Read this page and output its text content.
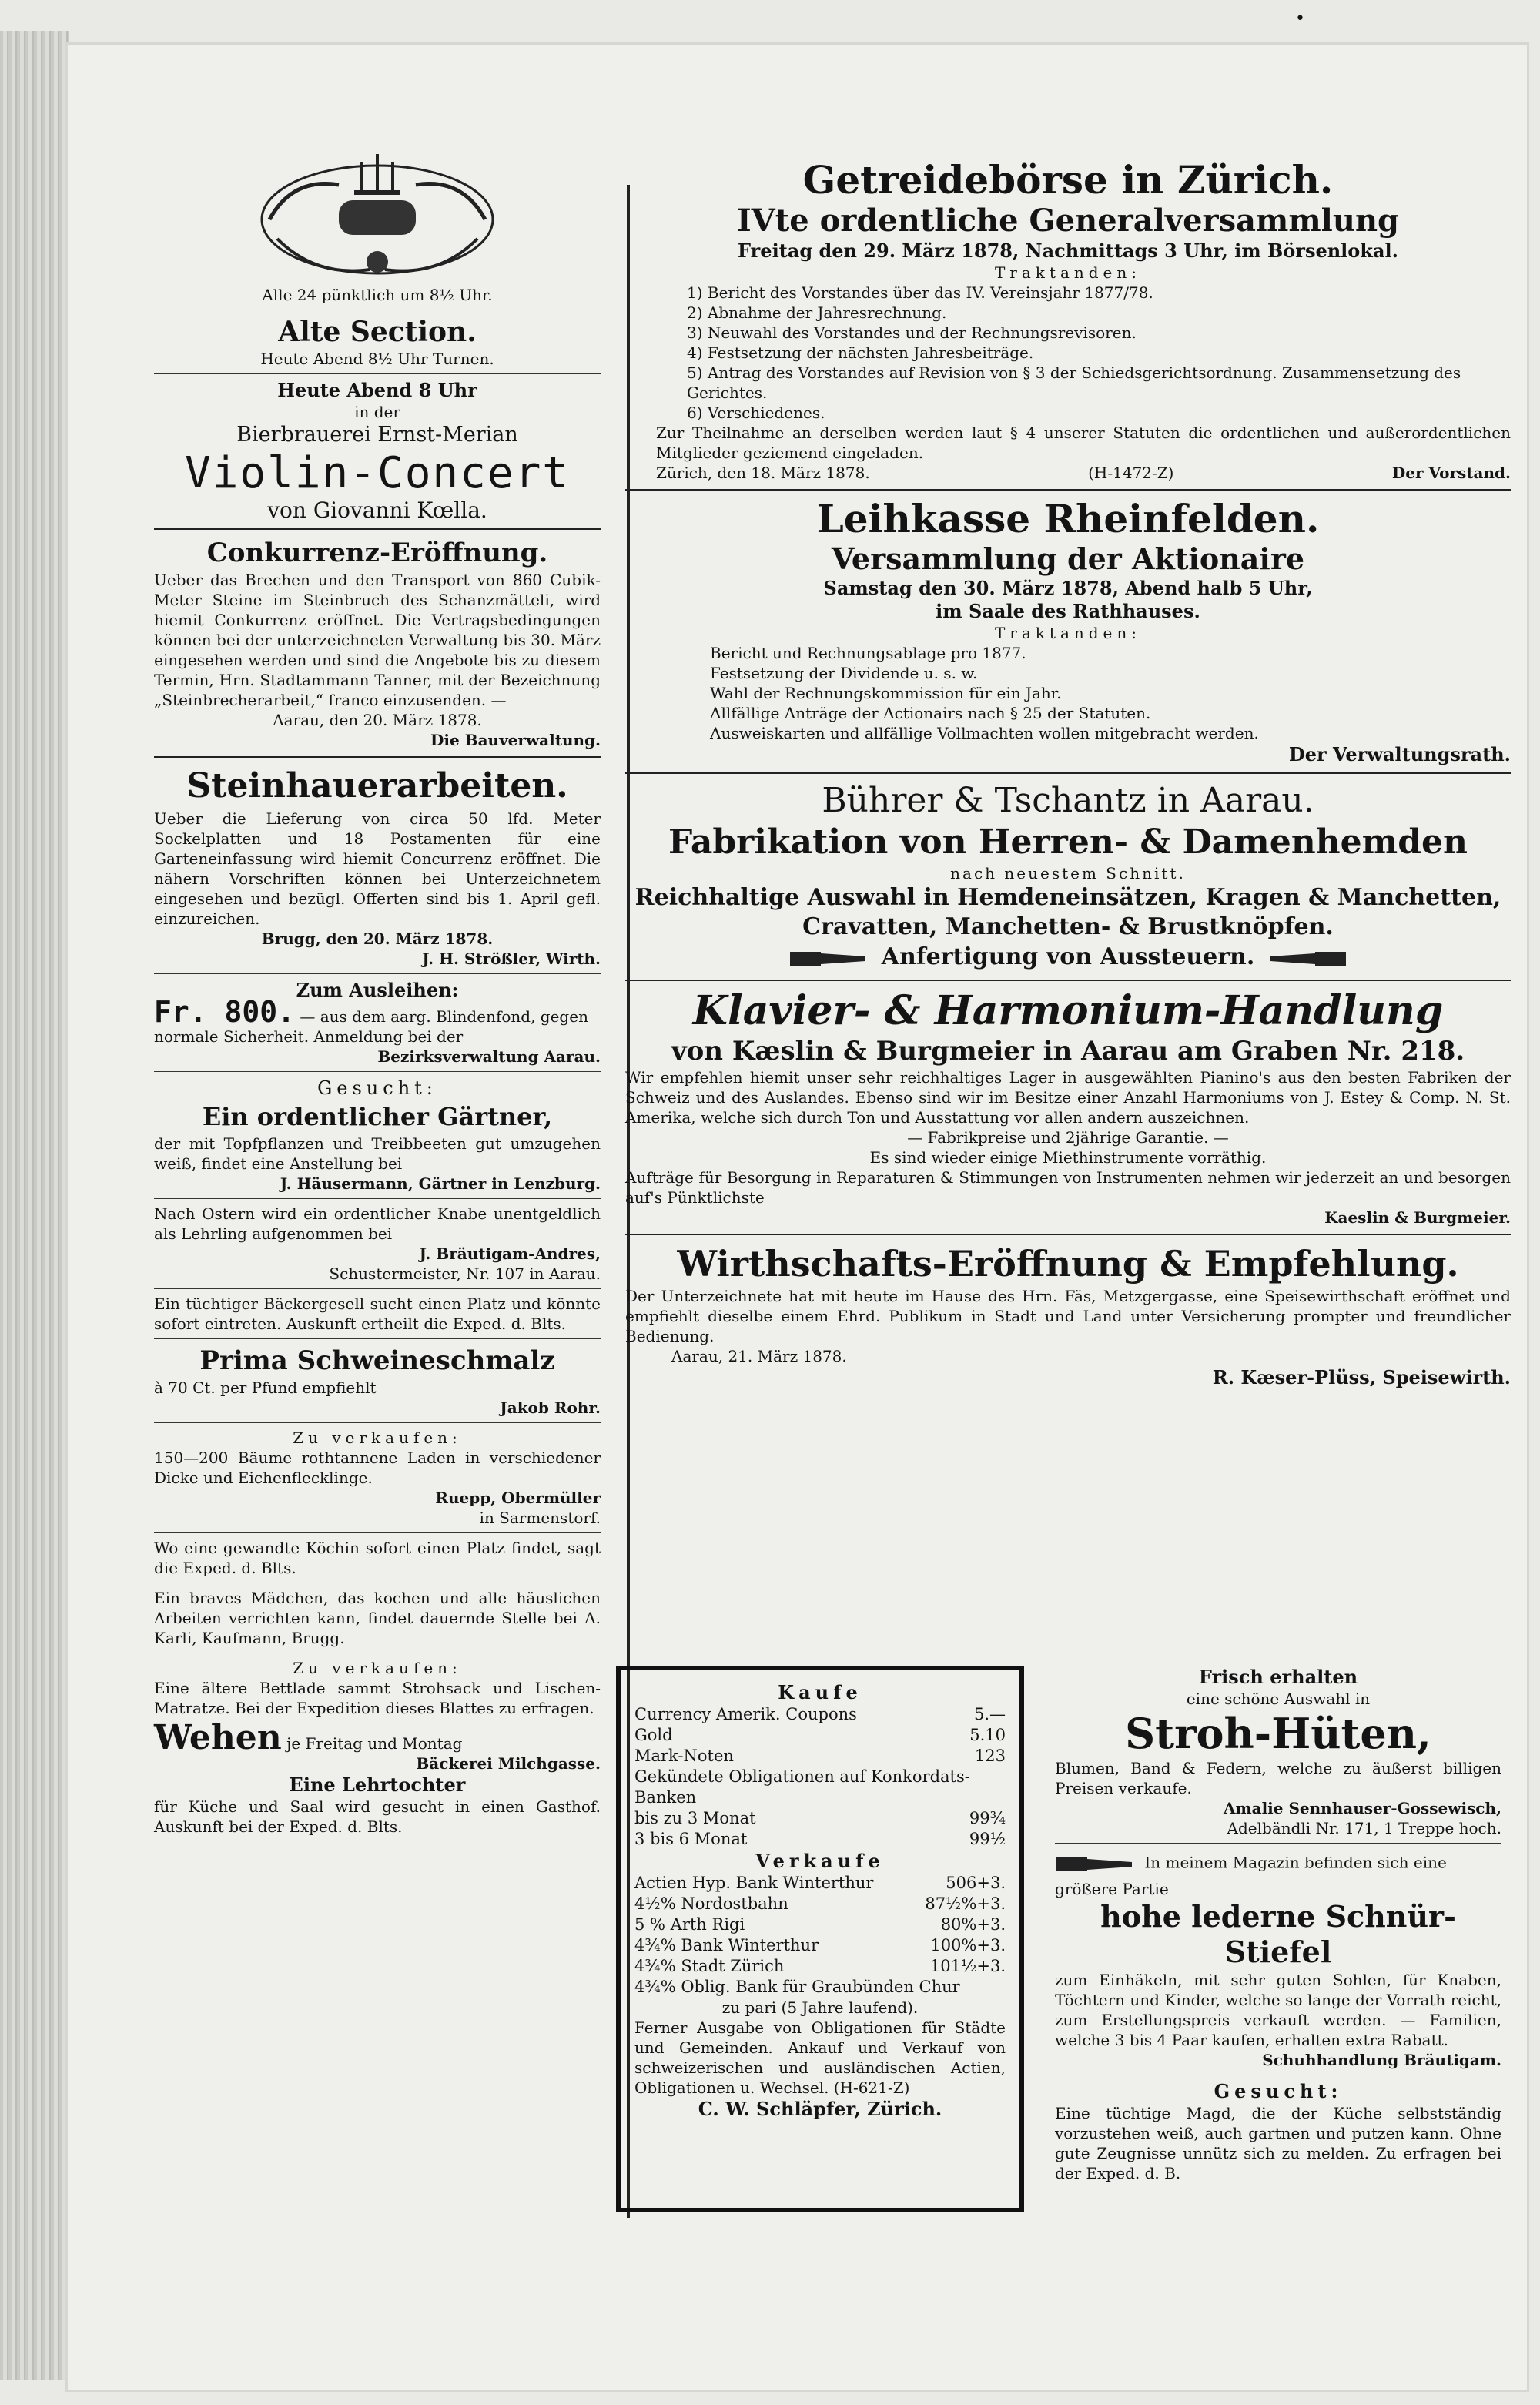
•

Alle 24 pünktlich um 8½ Uhr.

Alte Section.

Heute Abend 8½ Uhr Turnen.

Heute Abend 8 Uhr

in der

Bierbrauerei Ernst-Merian

Violin-Concert

von Giovanni Kœlla.

Conkurrenz-Eröffnung.

Ueber das Brechen und den Transport von 860 Cubik-Meter Steine im Steinbruch des Schanzmätteli, wird hiemit Conkurrenz eröffnet. Die Vertragsbedingungen können bei der unterzeichneten Verwaltung bis 30. März eingesehen werden und sind die Angebote bis zu diesem Termin, Hrn. Stadtammann Tanner, mit der Bezeichnung „Steinbrecherarbeit,“ franco einzusenden. —

Aarau, den 20. März 1878.

Die Bauverwaltung.

Steinhauerarbeiten.

Ueber die Lieferung von circa 50 lfd. Meter Sockelplatten und 18 Postamenten für eine Garteneinfassung wird hiemit Concurrenz eröffnet. Die nähern Vorschriften können bei Unterzeichnetem eingesehen und bezügl. Offerten sind bis 1. April gefl. einzureichen.

Brugg, den 20. März 1878.

J. H. Strößler, Wirth.

Zum Ausleihen:

Fr. 800. — aus dem aarg. Blindenfond, gegen normale Sicherheit. Anmeldung bei der

Bezirksverwaltung Aarau.

Gesucht:

Ein ordentlicher Gärtner,

der mit Topfpflanzen und Treibbeeten gut umzugehen weiß, findet eine Anstellung bei

J. Häusermann, Gärtner in Lenzburg.

Nach Ostern wird ein ordentlicher Knabe unentgeldlich als Lehrling aufgenommen bei

J. Bräutigam-Andres,

Schustermeister, Nr. 107 in Aarau.

Ein tüchtiger Bäckergesell sucht einen Platz und könnte sofort eintreten. Auskunft ertheilt die Exped. d. Blts.

Prima Schweineschmalz

à 70 Ct. per Pfund empfiehlt

Jakob Rohr.

Zu verkaufen:

150—200 Bäume rothtannene Laden in verschiedener Dicke und Eichenflecklinge.

Ruepp, Obermüller

in Sarmenstorf.

Wo eine gewandte Köchin sofort einen Platz findet, sagt die Exped. d. Blts.

Ein braves Mädchen, das kochen und alle häuslichen Arbeiten verrichten kann, findet dauernde Stelle bei A. Karli, Kaufmann, Brugg.

Zu verkaufen:

Eine ältere Bettlade sammt Strohsack und Lischen-Matratze. Bei der Expedition dieses Blattes zu erfragen.

Wehen je Freitag und Montag

Bäckerei Milchgasse.

Eine Lehrtochter

für Küche und Saal wird gesucht in einen Gasthof. Auskunft bei der Exped. d. Blts.

Getreidebörse in Zürich.

IVte ordentliche Generalversammlung

Freitag den 29. März 1878, Nachmittags 3 Uhr, im Börsenlokal.

Traktanden:

1) Bericht des Vorstandes über das IV. Vereinsjahr 1877/78.

2) Abnahme der Jahresrechnung.

3) Neuwahl des Vorstandes und der Rechnungsrevisoren.

4) Festsetzung der nächsten Jahresbeiträge.

5) Antrag des Vorstandes auf Revision von § 3 der Schiedsgerichtsordnung. Zusammensetzung des Gerichtes.

6) Verschiedenes.

Zur Theilnahme an derselben werden laut § 4 unserer Statuten die ordentlichen und außerordentlichen Mitglieder geziemend eingeladen.

Zürich, den 18. März 1878.	(H-1472-Z)	Der Vorstand.

Leihkasse Rheinfelden.

Versammlung der Aktionaire

Samstag den 30. März 1878, Abend halb 5 Uhr,

im Saale des Rathhauses.

Traktanden:

Bericht und Rechnungsablage pro 1877.

Festsetzung der Dividende u. s. w.

Wahl der Rechnungskommission für ein Jahr.

Allfällige Anträge der Actionairs nach § 25 der Statuten.

Ausweiskarten und allfällige Vollmachten wollen mitgebracht werden.

Der Verwaltungsrath.

Bührer & Tschantz in Aarau.

Fabrikation von Herren- & Damenhemden

nach neuestem Schnitt.

Reichhaltige Auswahl in Hemdeneinsätzen, Kragen & Manchetten,

Cravatten, Manchetten- & Brustknöpfen.

Anfertigung von Aussteuern.

Klavier- & Harmonium-Handlung

von Kæslin & Burgmeier in Aarau am Graben Nr. 218.

Wir empfehlen hiemit unser sehr reichhaltiges Lager in ausgewählten Pianino's aus den besten Fabriken der Schweiz und des Auslandes. Ebenso sind wir im Besitze einer Anzahl Harmoniums von J. Estey & Comp. N. St. Amerika, welche sich durch Ton und Ausstattung vor allen andern auszeichnen.

— Fabrikpreise und 2jährige Garantie. —

Es sind wieder einige Miethinstrumente vorräthig.

Aufträge für Besorgung in Reparaturen & Stimmungen von Instrumenten nehmen wir jederzeit an und besorgen auf's Pünktlichste

Kaeslin & Burgmeier.

Wirthschafts-Eröffnung & Empfehlung.

Der Unterzeichnete hat mit heute im Hause des Hrn. Fäs, Metzgergasse, eine Speisewirthschaft eröffnet und empfiehlt dieselbe einem Ehrd. Publikum in Stadt und Land unter Versicherung prompter und freundlicher Bedienung.

Aarau, 21. März 1878.

R. Kæser-Plüss, Speisewirth.

Kaufe

Currency Amerik. Coupons	5.—
Gold	5.10
Mark-Noten	123
Gekündete Obligationen auf Konkordats-Banken
bis zu 3 Monat	99¾
3 bis 6 Monat	99½

Verkaufe

Actien Hyp. Bank Winterthur	506+3.
4½% Nordostbahn	87½%+3.
5 % Arth Rigi	80%+3.
4¾% Bank Winterthur	100%+3.
4¾% Stadt Zürich	101½+3.
4¾% Oblig. Bank für Graubünden Chur

zu pari (5 Jahre laufend).

Ferner Ausgabe von Obligationen für Städte und Gemeinden. Ankauf und Verkauf von schweizerischen und ausländischen Actien, Obligationen u. Wechsel. (H-621-Z)

C. W. Schläpfer, Zürich.

Frisch erhalten

eine schöne Auswahl in

Stroh-Hüten,

Blumen, Band & Federn, welche zu äußerst billigen Preisen verkaufe.

Amalie Sennhauser-Gossewisch,

Adelbändli Nr. 171, 1 Treppe hoch.

In meinem Magazin befinden sich eine größere Partie

hohe lederne Schnür-Stiefel

zum Einhäkeln, mit sehr guten Sohlen, für Knaben, Töchtern und Kinder, welche so lange der Vorrath reicht, zum Erstellungspreis verkauft werden. — Familien, welche 3 bis 4 Paar kaufen, erhalten extra Rabatt.

Schuhhandlung Bräutigam.

Gesucht:

Eine tüchtige Magd, die der Küche selbstständig vorzustehen weiß, auch gartnen und putzen kann. Ohne gute Zeugnisse unnütz sich zu melden. Zu erfragen bei der Exped. d. B.
